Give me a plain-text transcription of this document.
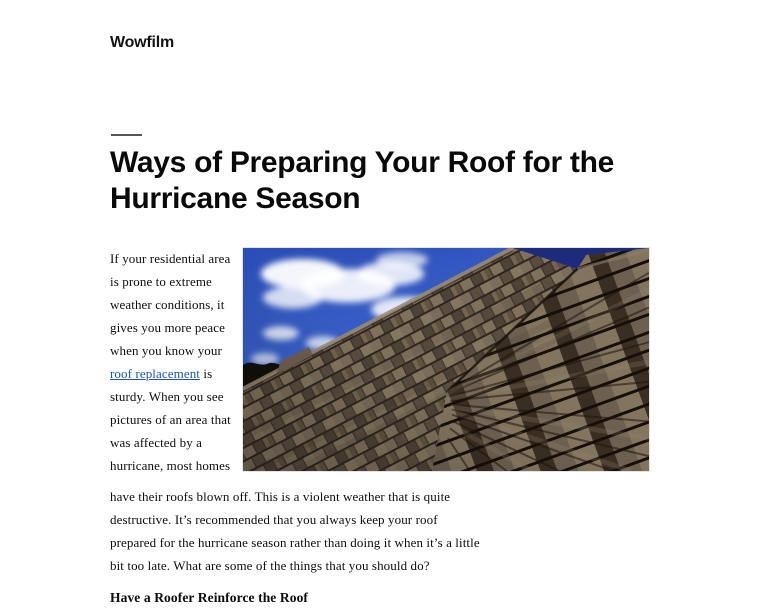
Wowfilm
Ways of Preparing Your Roof for the Hurricane Season
If your residential area
is prone to extreme
weather conditions, it
gives you more peace
when you know your
roof replacement is
sturdy. When you see
pictures of an area that
was affected by a
hurricane, most homes
have their roofs blown off. This is a violent weather that is quite
destructive. It’s recommended that you always keep your roof
prepared for the hurricane season rather than doing it when it’s a little
bit too late. What are some of the things that you should do?
Have a Roofer Reinforce the Roof
